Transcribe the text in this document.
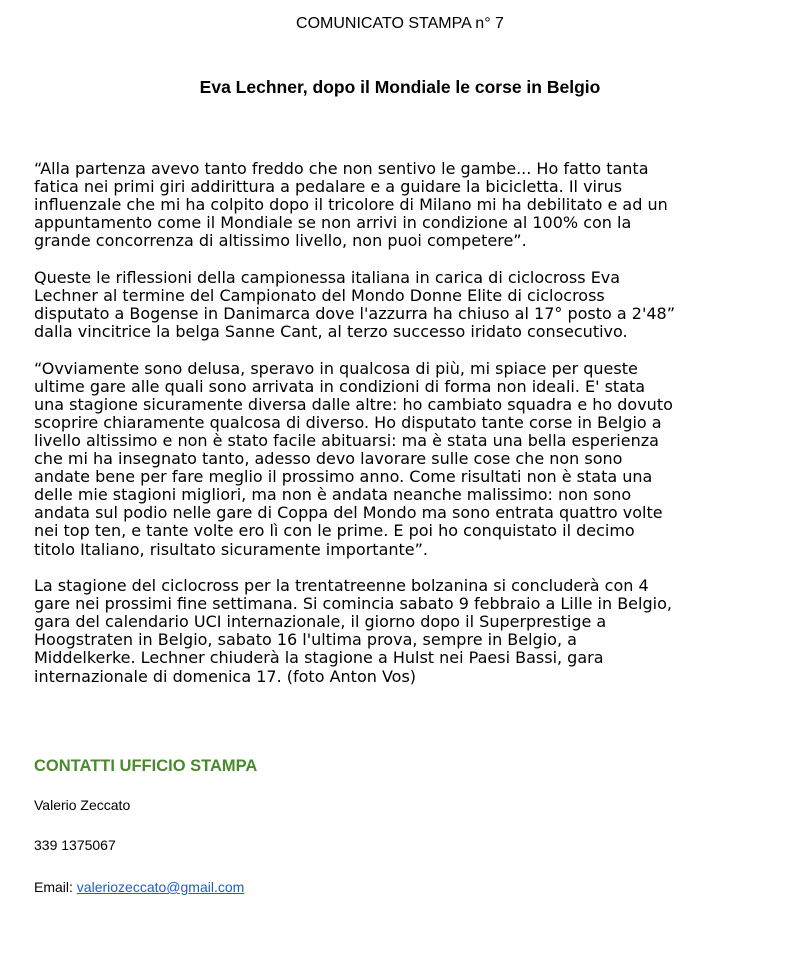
COMUNICATO STAMPA n° 7
Eva Lechner, dopo il Mondiale le corse in Belgio

“Alla partenza avevo tanto freddo che non sentivo le gambe... Ho fatto tanta
fatica nei primi giri addirittura a pedalare e a guidare la bicicletta. Il virus
influenzale che mi ha colpito dopo il tricolore di Milano mi ha debilitato e ad un
appuntamento come il Mondiale se non arrivi in condizione al 100% con la
grande concorrenza di altissimo livello, non puoi competere”.

Queste le riflessioni della campionessa italiana in carica di ciclocross Eva
Lechner al termine del Campionato del Mondo Donne Elite di ciclocross
disputato a Bogense in Danimarca dove l'azzurra ha chiuso al 17° posto a 2'48”
dalla vincitrice la belga Sanne Cant, al terzo successo iridato consecutivo.

“Ovviamente sono delusa, speravo in qualcosa di più, mi spiace per queste
ultime gare alle quali sono arrivata in condizioni di forma non ideali. E' stata
una stagione sicuramente diversa dalle altre: ho cambiato squadra e ho dovuto
scoprire chiaramente qualcosa di diverso. Ho disputato tante corse in Belgio a
livello altissimo e non è stato facile abituarsi: ma è stata una bella esperienza
che mi ha insegnato tanto, adesso devo lavorare sulle cose che non sono
andate bene per fare meglio il prossimo anno. Come risultati non è stata una
delle mie stagioni migliori, ma non è andata neanche malissimo: non sono
andata sul podio nelle gare di Coppa del Mondo ma sono entrata quattro volte
nei top ten, e tante volte ero lì con le prime. E poi ho conquistato il decimo
titolo Italiano, risultato sicuramente importante”.

La stagione del ciclocross per la trentatreenne bolzanina si concluderà con 4
gare nei prossimi fine settimana. Si comincia sabato 9 febbraio a Lille in Belgio,
gara del calendario UCI internazionale, il giorno dopo il Superprestige a
Hoogstraten in Belgio, sabato 16 l'ultima prova, sempre in Belgio, a
Middelkerke. Lechner chiuderà la stagione a Hulst nei Paesi Bassi, gara
internazionale di domenica 17. (foto Anton Vos)

CONTATTI UFFICIO STAMPA
Valerio Zeccato
339 1375067
Email: valeriozeccato@gmail.com
